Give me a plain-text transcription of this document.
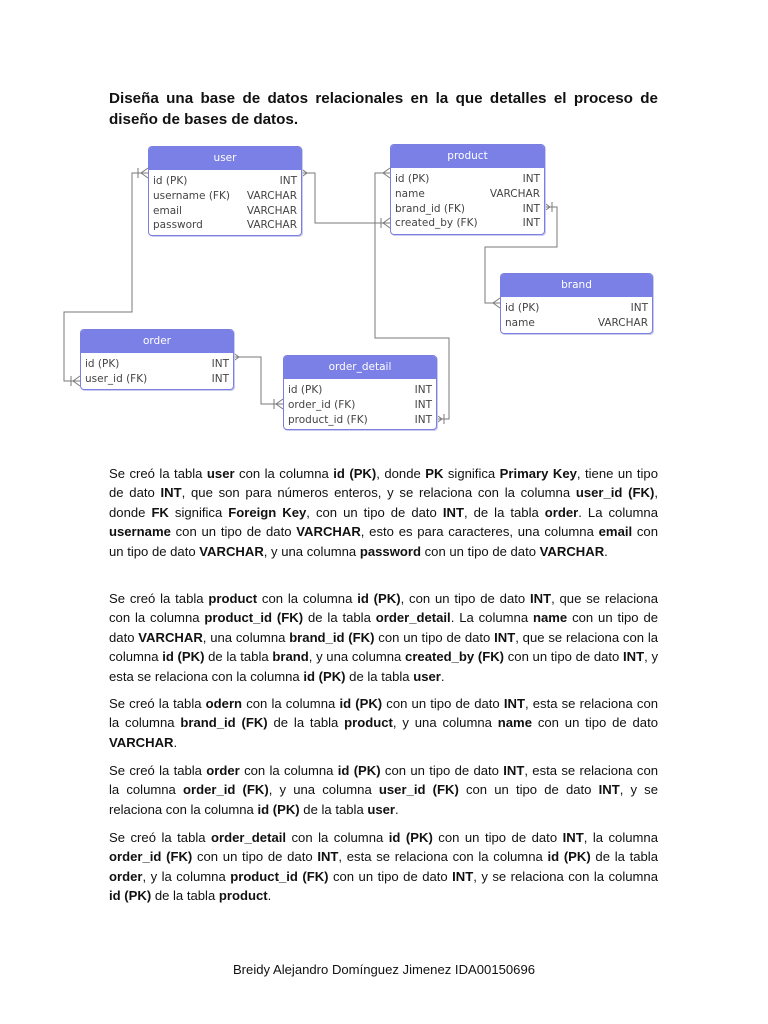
Diseña una base de datos relacionales en la que detalles el proceso de diseño de bases de datos.
user
id (PK)	INT
username (FK) VARCHAR
email	VARCHAR
password	VARCHAR
product
id (PK)	INT
name	VARCHAR
brand_id (FK)	INT
created_by (FK)	INT
brand
id (PK)	INT
name	VARCHAR
order
id (PK)	INT
user_id (FK)	INT
order_detail
id (PK)	INT
order_id (FK)	INT
product_id (FK)	INT
Se creó la tabla user con la columna id (PK), donde PK significa Primary Key, tiene un tipo de dato INT, que son para números enteros, y se relaciona con la columna user_id (FK), donde FK significa Foreign Key, con un tipo de dato INT, de la tabla order. La columna username con un tipo de dato VARCHAR, esto es para caracteres, una columna email con un tipo de dato VARCHAR, y una columna password con un tipo de dato VARCHAR.
Se creó la tabla product con la columna id (PK), con un tipo de dato INT, que se relaciona con la columna product_id (FK) de la tabla order_detail. La columna name con un tipo de dato VARCHAR, una columna brand_id (FK) con un tipo de dato INT, que se relaciona con la columna id (PK) de la tabla brand, y una columna created_by (FK) con un tipo de dato INT, y esta se relaciona con la columna id (PK) de la tabla user.
Se creó la tabla odern con la columna id (PK) con un tipo de dato INT, esta se relaciona con la columna brand_id (FK) de la tabla product, y una columna name con un tipo de dato VARCHAR.
Se creó la tabla order con la columna id (PK) con un tipo de dato INT, esta se relaciona con la columna order_id (FK), y una columna user_id (FK) con un tipo de dato INT, y se relaciona con la columna id (PK) de la tabla user.
Se creó la tabla order_detail con la columna id (PK) con un tipo de dato INT, la columna order_id (FK) con un tipo de dato INT, esta se relaciona con la columna id (PK) de la tabla order, y la columna product_id (FK) con un tipo de dato INT, y se relaciona con la columna id (PK) de la tabla product.
Breidy Alejandro Domínguez Jimenez IDA00150696
